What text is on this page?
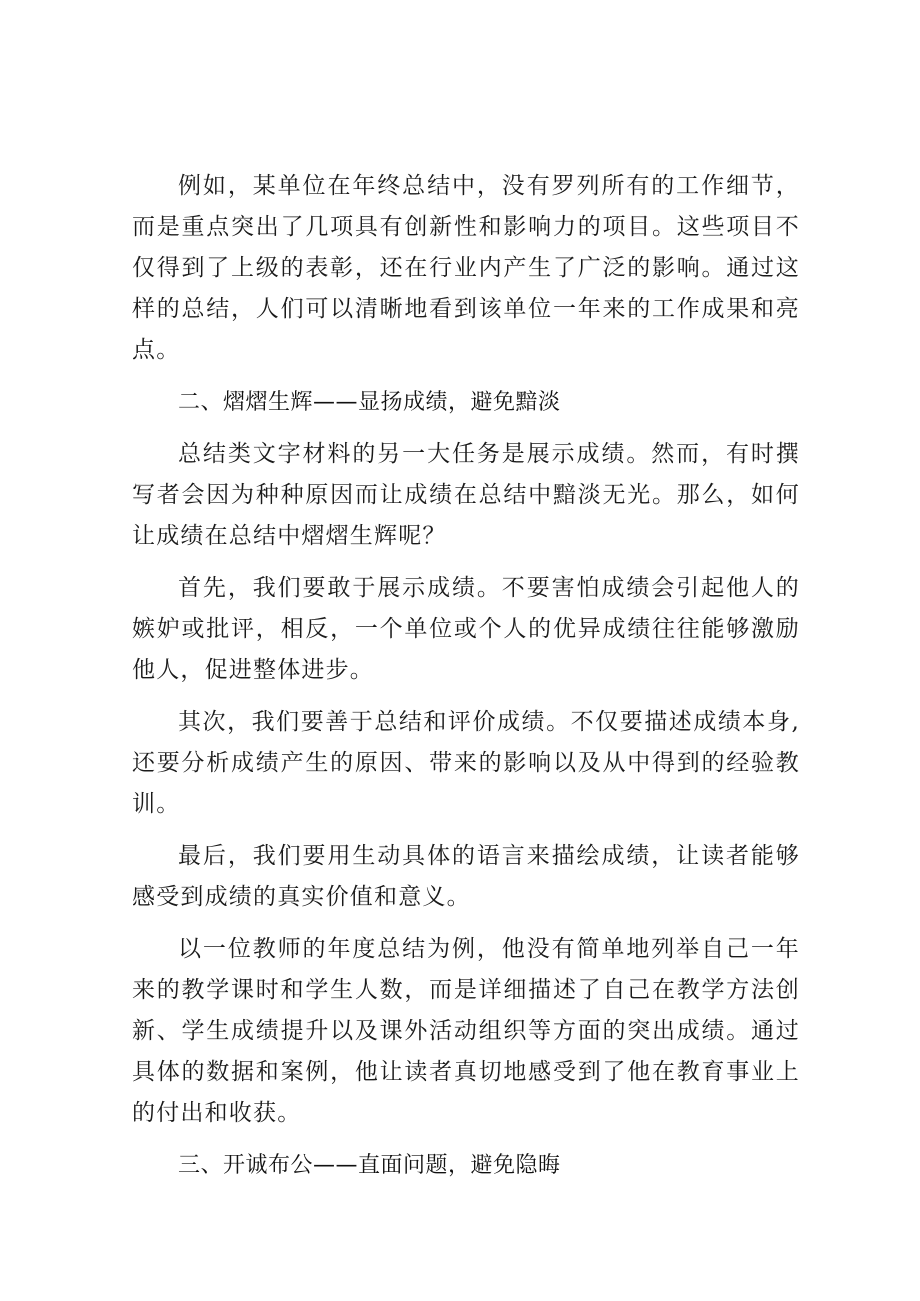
例如，某单位在年终总结中，没有罗列所有的工作细节，而是重点突出了几项具有创新性和影响力的项目。这些项目不仅得到了上级的表彰，还在行业内产生了广泛的影响。通过这样的总结，人们可以清晰地看到该单位一年来的工作成果和亮点。

二、熠熠生辉——显扬成绩，避免黯淡

总结类文字材料的另一大任务是展示成绩。然而，有时撰写者会因为种种原因而让成绩在总结中黯淡无光。那么，如何让成绩在总结中熠熠生辉呢？

首先，我们要敢于展示成绩。不要害怕成绩会引起他人的嫉妒或批评，相反，一个单位或个人的优异成绩往往能够激励他人，促进整体进步。

其次，我们要善于总结和评价成绩。不仅要描述成绩本身,还要分析成绩产生的原因、带来的影响以及从中得到的经验教训。

最后，我们要用生动具体的语言来描绘成绩，让读者能够感受到成绩的真实价值和意义。

以一位教师的年度总结为例，他没有简单地列举自己一年来的教学课时和学生人数，而是详细描述了自己在教学方法创新、学生成绩提升以及课外活动组织等方面的突出成绩。通过具体的数据和案例，他让读者真切地感受到了他在教育事业上的付出和收获。

三、开诚布公——直面问题，避免隐晦
